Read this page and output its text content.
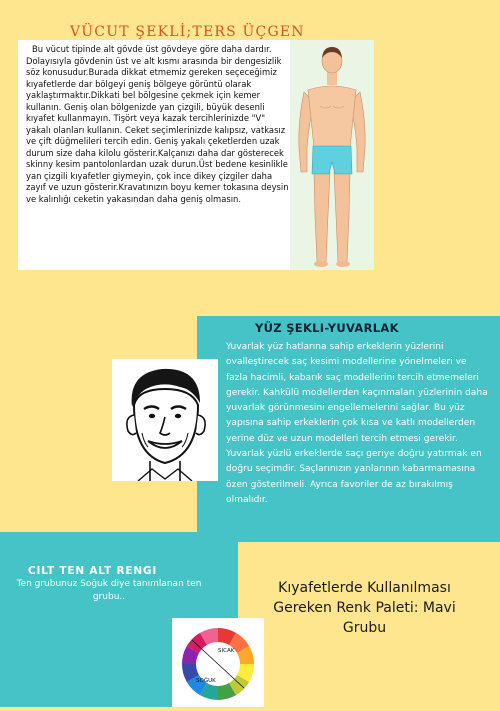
VÜCUT ŞEKLİ;TERS ÜÇGEN
Bu vücut tipinde alt gövde üst gövdeye göre daha dardır. Dolayısıyla gövdenin üst ve alt kısmı arasında bir dengesizlik söz konusudur.Burada dikkat etmemiz gereken seçeceğimiz kıyafetlerde dar bölgeyi geniş bölgeye görüntü olarak yaklaştırmaktır.Dikkati bel bölgesine çekmek için kemer kullanın. Geniş olan bölgenizde yan çizgili, büyük desenli kıyafet kullanmayın. Tişört veya kazak tercihlerinizde "V" yakalı olanları kullanın. Ceket seçimlerinizde kalıpsız, vatkasız ve çift düğmelileri tercih edin. Geniş yakalı çeketlerden uzak durum size daha kilolu gösterir.Kalçanızı daha dar gösterecek skinny kesim pantolonlardan uzak durun.Üst bedene kesinlikle yan çizgili kıyafetler giymeyin, çok ince dikey çizgiler daha zayıf ve uzun gösterir.Kravatınızın boyu kemer tokasına deysin ve kalınlığı ceketin yakasından daha geniş olmasın.
YÜZ ŞEKLI-YUVARLAK
Yuvarlak yüz hatlarına sahip erkeklerin yüzlerini ovalleştirecek saç kesimi modellerine yönelmeleri ve fazla hacimli, kabarık saç modellerini tercih etmemeleri gerekir. Kahkülü modellerden kaçınmaları yüzlerinin daha yuvarlak görünmesini engellemelerini sağlar. Bu yüz yapısına sahip erkeklerin çok kısa ve katlı modellerden yerine düz ve uzun modelleri tercih etmesi gerekir. Yuvarlak yüzlü erkeklerde saçı geriye doğru yatırmak en doğru seçimdir. Saçlarınızın yanlarının kabarmamasına özen gösterilmeli. Ayrıca favoriler de az bırakılmış olmalıdır.
CILT TEN ALT RENGI
Ten grubunuz Soğuk diye tanımlanan ten grubu..
SICAK
SOĞUK
Kıyafetlerde Kullanılması Gereken Renk Paleti: Mavi Grubu
